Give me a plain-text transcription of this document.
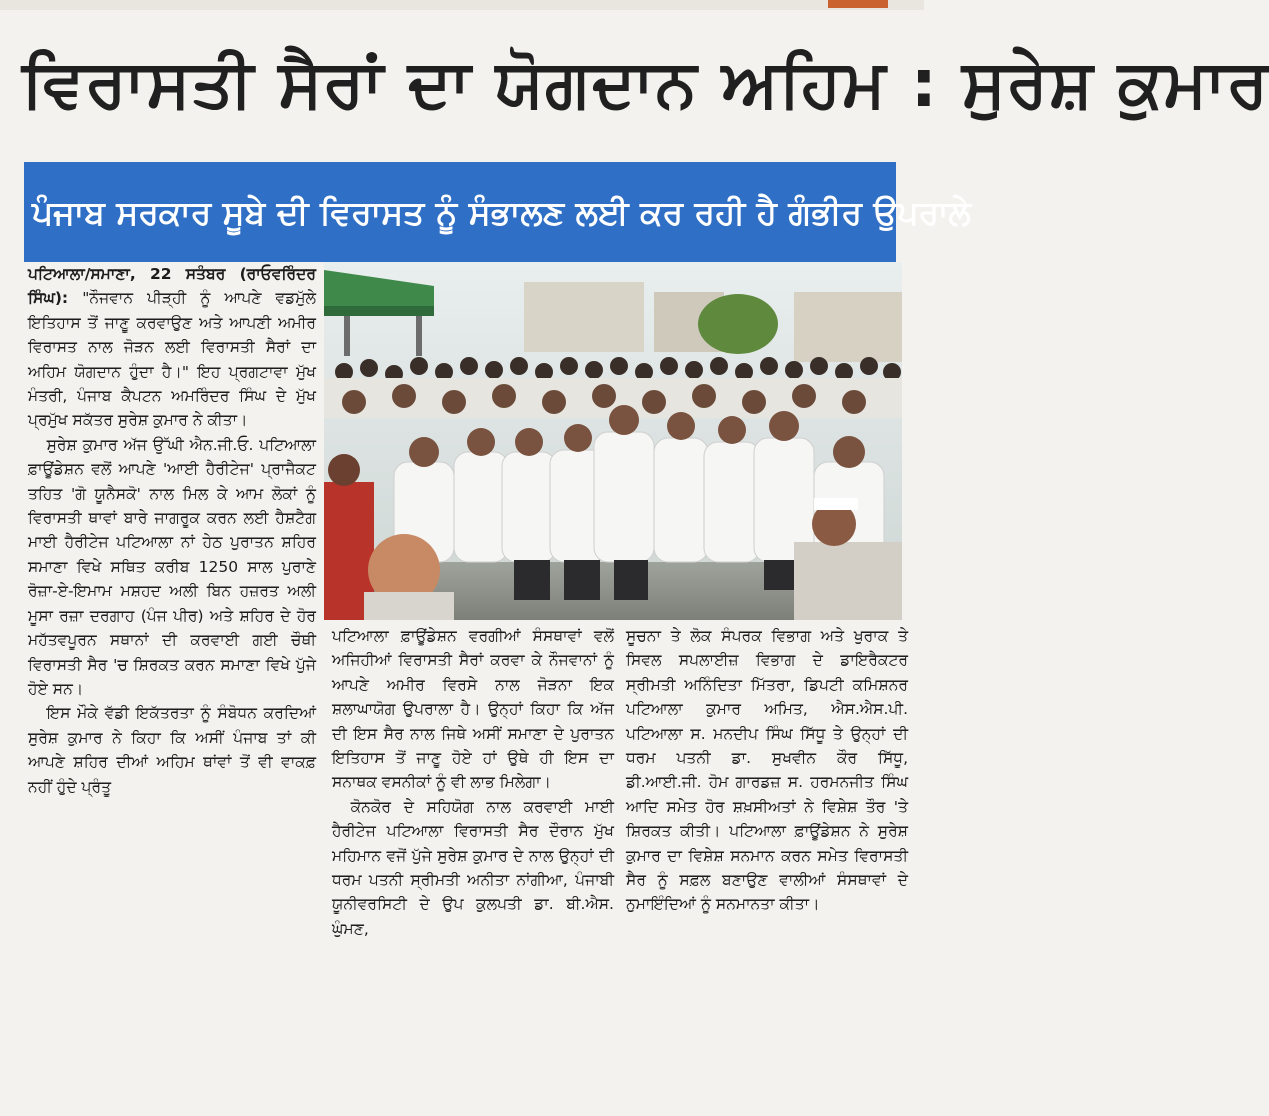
ਵਿਰਾਸਤੀ ਸੈਰਾਂ ਦਾ ਯੋਗਦਾਨ ਅਹਿਮ : ਸੁਰੇਸ਼ ਕੁਮਾਰ
ਪੰਜਾਬ ਸਰਕਾਰ ਸੂਬੇ ਦੀ ਵਿਰਾਸਤ ਨੂੰ ਸੰਭਾਲਣ ਲਈ ਕਰ ਰਹੀ ਹੈ ਗੰਭੀਰ ਉਪਰਾਲੇ

ਪਟਿਆਲਾ/ਸਮਾਣਾ, 22 ਸਤੰਬਰ (ਰਾਓਵਰਿੰਦਰ ਸਿੰਘ): "ਨੌਜਵਾਨ ਪੀੜ੍ਹੀ ਨੂੰ ਆਪਣੇ ਵਡਮੁੱਲੇ ਇਤਿਹਾਸ ਤੋਂ ਜਾਣੂ ਕਰਵਾਉਣ ਅਤੇ ਆਪਣੀ ਅਮੀਰ ਵਿਰਾਸਤ ਨਾਲ ਜੋੜਨ ਲਈ ਵਿਰਾਸਤੀ ਸੈਰਾਂ ਦਾ ਅਹਿਮ ਯੋਗਦਾਨ ਹੁੰਦਾ ਹੈ।" ਇਹ ਪ੍ਰਗਟਾਵਾ ਮੁੱਖ ਮੰਤਰੀ, ਪੰਜਾਬ ਕੈਪਟਨ ਅਮਰਿੰਦਰ ਸਿੰਘ ਦੇ ਮੁੱਖ ਪ੍ਰਮੁੱਖ ਸਕੱਤਰ ਸੁਰੇਸ਼ ਕੁਮਾਰ ਨੇ ਕੀਤਾ।

ਸੁਰੇਸ਼ ਕੁਮਾਰ ਅੱਜ ਉੱਘੀ ਐਨ.ਜੀ.ਓ. ਪਟਿਆਲਾ ਫ਼ਾਊਂਡੇਸ਼ਨ ਵਲੋਂ ਆਪਣੇ 'ਆਈ ਹੈਰੀਟੇਜ' ਪ੍ਰਾਜੈਕਟ ਤਹਿਤ 'ਗੋ ਯੂਨੈਸਕੋ' ਨਾਲ ਮਿਲ ਕੇ ਆਮ ਲੋਕਾਂ ਨੂੰ ਵਿਰਾਸਤੀ ਥਾਵਾਂ ਬਾਰੇ ਜਾਗਰੂਕ ਕਰਨ ਲਈ ਹੈਸ਼ਟੈਗ ਮਾਈ ਹੈਰੀਟੇਜ ਪਟਿਆਲਾ ਨਾਂ ਹੇਠ ਪੁਰਾਤਨ ਸ਼ਹਿਰ ਸਮਾਣਾ ਵਿਖੇ ਸਥਿਤ ਕਰੀਬ 1250 ਸਾਲ ਪੁਰਾਣੇ ਰੋਜ਼ਾ-ਏ-ਇਮਾਮ ਮਸ਼ਹਦ ਅਲੀ ਬਿਨ ਹਜ਼ਰਤ ਅਲੀ ਮੂਸਾ ਰਜ਼ਾ ਦਰਗਾਹ (ਪੰਜ ਪੀਰ) ਅਤੇ ਸ਼ਹਿਰ ਦੇ ਹੋਰ ਮਹੱਤਵਪੂਰਨ ਸਥਾਨਾਂ ਦੀ ਕਰਵਾਈ ਗਈ ਚੌਥੀ ਵਿਰਾਸਤੀ ਸੈਰ 'ਚ ਸ਼ਿਰਕਤ ਕਰਨ ਸਮਾਣਾ ਵਿਖੇ ਪੁੱਜੇ ਹੋਏ ਸਨ।

ਇਸ ਮੌਕੇ ਵੱਡੀ ਇਕੱਤਰਤਾ ਨੂੰ ਸੰਬੋਧਨ ਕਰਦਿਆਂ ਸੁਰੇਸ਼ ਕੁਮਾਰ ਨੇ ਕਿਹਾ ਕਿ ਅਸੀਂ ਪੰਜਾਬ ਤਾਂ ਕੀ ਆਪਣੇ ਸ਼ਹਿਰ ਦੀਆਂ ਅਹਿਮ ਥਾਂਵਾਂ ਤੋਂ ਵੀ ਵਾਕਫ਼ ਨਹੀਂ ਹੁੰਦੇ ਪ੍ਰੰਤੂ

ਪਟਿਆਲਾ ਫ਼ਾਊਂਡੇਸ਼ਨ ਵਰਗੀਆਂ ਸੰਸਥਾਵਾਂ ਵਲੋਂ ਅਜਿਹੀਆਂ ਵਿਰਾਸਤੀ ਸੈਰਾਂ ਕਰਵਾ ਕੇ ਨੌਜਵਾਨਾਂ ਨੂੰ ਆਪਣੇ ਅਮੀਰ ਵਿਰਸੇ ਨਾਲ ਜੋੜਨਾ ਇਕ ਸ਼ਲਾਘਾਯੋਗ ਉਪਰਾਲਾ ਹੈ। ਉਨ੍ਹਾਂ ਕਿਹਾ ਕਿ ਅੱਜ ਦੀ ਇਸ ਸੈਰ ਨਾਲ ਜਿਥੇ ਅਸੀਂ ਸਮਾਣਾ ਦੇ ਪੁਰਾਤਨ ਇਤਿਹਾਸ ਤੋਂ ਜਾਣੂ ਹੋਏ ਹਾਂ ਉਥੇ ਹੀ ਇਸ ਦਾ ਸਨਾਥਕ ਵਸਨੀਕਾਂ ਨੂੰ ਵੀ ਲਾਭ ਮਿਲੇਗਾ।

ਕੋਨਕੋਰ ਦੇ ਸਹਿਯੋਗ ਨਾਲ ਕਰਵਾਈ ਮਾਈ ਹੈਰੀਟੇਜ ਪਟਿਆਲਾ ਵਿਰਾਸਤੀ ਸੈਰ ਦੌਰਾਨ ਮੁੱਖ ਮਹਿਮਾਨ ਵਜੋਂ ਪੁੱਜੇ ਸੁਰੇਸ਼ ਕੁਮਾਰ ਦੇ ਨਾਲ ਉਨ੍ਹਾਂ ਦੀ ਧਰਮ ਪਤਨੀ ਸ੍ਰੀਮਤੀ ਅਨੀਤਾ ਨਾਂਗੀਆ, ਪੰਜਾਬੀ ਯੂਨੀਵਰਸਿਟੀ ਦੇ ਉਪ ਕੁਲਪਤੀ ਡਾ. ਬੀ.ਐਸ. ਘੁੰਮਣ,

ਸੂਚਨਾ ਤੇ ਲੋਕ ਸੰਪਰਕ ਵਿਭਾਗ ਅਤੇ ਖੁਰਾਕ ਤੇ ਸਿਵਲ ਸਪਲਾਈਜ਼ ਵਿਭਾਗ ਦੇ ਡਾਇਰੈਕਟਰ ਸ੍ਰੀਮਤੀ ਅਨਿੰਦਿਤਾ ਮਿੱਤਰਾ, ਡਿਪਟੀ ਕਮਿਸ਼ਨਰ ਪਟਿਆਲਾ ਕੁਮਾਰ ਅਮਿਤ, ਐਸ.ਐਸ.ਪੀ. ਪਟਿਆਲਾ ਸ. ਮਨਦੀਪ ਸਿੰਘ ਸਿੱਧੂ ਤੇ ਉਨ੍ਹਾਂ ਦੀ ਧਰਮ ਪਤਨੀ ਡਾ. ਸੁਖਵੀਨ ਕੌਰ ਸਿੱਧੂ, ਡੀ.ਆਈ.ਜੀ. ਹੋਮ ਗਾਰਡਜ਼ ਸ. ਹਰਮਨਜੀਤ ਸਿੰਘ ਆਦਿ ਸਮੇਤ ਹੋਰ ਸ਼ਖ਼ਸੀਅਤਾਂ ਨੇ ਵਿਸ਼ੇਸ਼ ਤੌਰ 'ਤੇ ਸ਼ਿਰਕਤ ਕੀਤੀ। ਪਟਿਆਲਾ ਫ਼ਾਊਂਡੇਸ਼ਨ ਨੇ ਸੁਰੇਸ਼ ਕੁਮਾਰ ਦਾ ਵਿਸ਼ੇਸ਼ ਸਨਮਾਨ ਕਰਨ ਸਮੇਤ ਵਿਰਾਸਤੀ ਸੈਰ ਨੂੰ ਸਫ਼ਲ ਬਣਾਉਣ ਵਾਲੀਆਂ ਸੰਸਥਾਵਾਂ ਦੇ ਨੁਮਾਇੰਦਿਆਂ ਨੂੰ ਸਨਮਾਨਤਾ ਕੀਤਾ।
